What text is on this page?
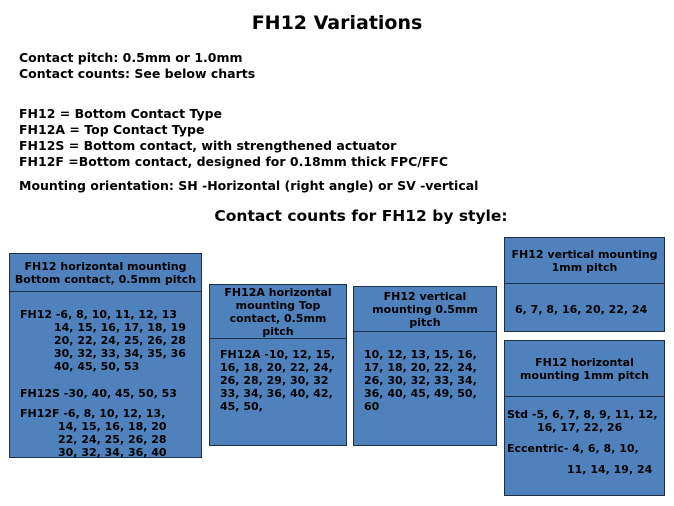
FH12 Variations
Contact pitch: 0.5mm or 1.0mm
Contact counts: See below charts
FH12 = Bottom Contact Type
FH12A = Top Contact Type
FH12S = Bottom contact, with strengthened actuator
FH12F =Bottom contact, designed for 0.18mm thick FPC/FFC
Mounting orientation: SH -Horizontal (right angle) or SV -vertical
Contact counts for FH12 by style:
FH12 horizontal mounting Bottom contact, 0.5mm pitch
FH12 -6, 8, 10, 11, 12, 13
14, 15, 16, 17, 18, 19
20, 22, 24, 25, 26, 28
30, 32, 33, 34, 35, 36
40, 45, 50, 53
FH12S -30, 40, 45, 50, 53
FH12F -6, 8, 10, 12, 13,
14, 15, 16, 18, 20
22, 24, 25, 26, 28
30, 32, 34, 36, 40
FH12A horizontal mounting Top contact, 0.5mm pitch
FH12A -10, 12, 15,
16, 18, 20, 22, 24,
26, 28, 29, 30, 32
33, 34, 36, 40, 42,
45, 50,
FH12 vertical mounting 0.5mm pitch
10, 12, 13, 15, 16,
17, 18, 20, 22, 24,
26, 30, 32, 33, 34,
36, 40, 45, 49, 50,
60
FH12 vertical mounting 1mm pitch
6, 7, 8, 16, 20, 22, 24
FH12 horizontal mounting 1mm pitch
Std -5, 6, 7, 8, 9, 11, 12,
16, 17, 22, 26
Eccentric- 4, 6, 8, 10,
11, 14, 19, 24
